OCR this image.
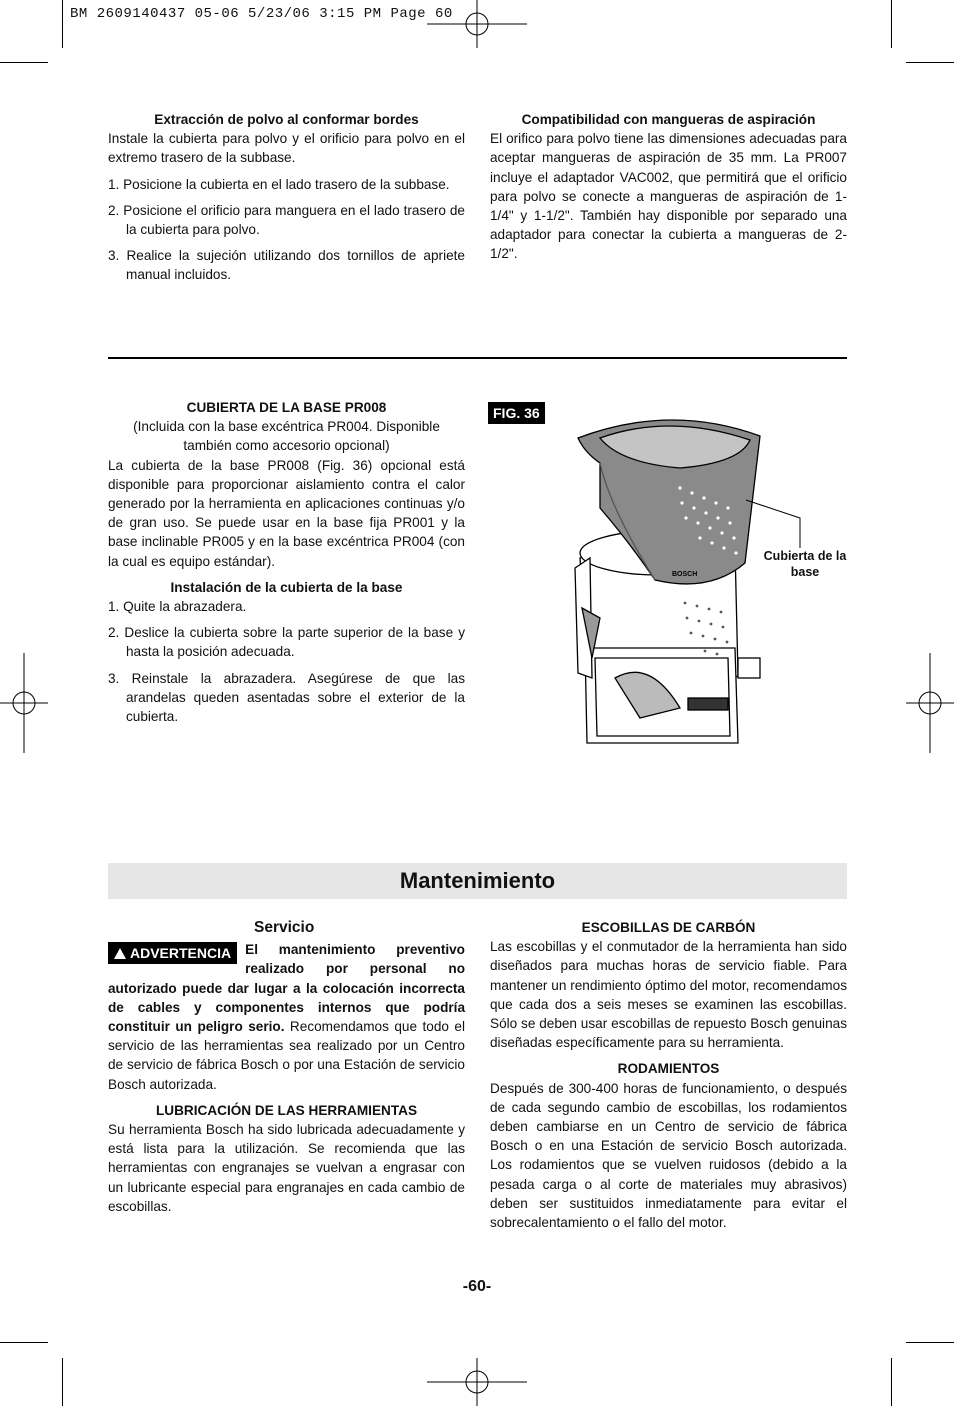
BM 2609140437 05-06 5/23/06 3:15 PM Page 60

Extracción de polvo al conformar bordes

Instale la cubierta para polvo y el orificio para polvo en el extremo trasero de la subbase.

1. Posicione la cubierta en el lado trasero de la subbase.

2. Posicione el orificio para manguera en el lado trasero de la cubierta para polvo.

3. Realice la sujeción utilizando dos tornillos de apriete manual incluidos.

Compatibilidad con mangueras de aspiración

El orifico para polvo tiene las dimensiones adecuadas para aceptar mangueras de aspiración de 35 mm. La PR007 incluye el adaptador VAC002, que permitirá que el orificio para polvo se conecte a mangueras de aspiración de 1-1/4" y 1-1/2". También hay disponible por separado una adaptador para conectar la cubierta a mangueras de 2-1/2".

CUBIERTA DE LA BASE PR008

(Incluida con la base excéntrica PR004. Disponible también como accesorio opcional)

La cubierta de la base PR008 (Fig. 36) opcional está disponible para proporcionar aislamiento contra el calor generado por la herramienta en aplicaciones continuas y/o de gran uso. Se puede usar en la base fija PR001 y la base inclinable PR005 y en la base excéntrica PR004 (con la cual es equipo estándar).

Instalación de la cubierta de la base

1. Quite la abrazadera.

2. Deslice la cubierta sobre la parte superior de la base y hasta la posición adecuada.

3. Reinstale la abrazadera. Asegúrese de que las arandelas queden asentadas sobre el exterior de la cubierta.

FIG. 36
BOSCH
Cubierta de la base
Mantenimiento

Servicio

ADVERTENCIA	El mantenimiento preventivo realizado por personal no autorizado puede dar lugar a la colocación incorrecta de cables y componentes internos que podría constituir un peligro serio. Recomendamos que todo el servicio de las herramientas sea realizado por un Centro de servicio de fábrica Bosch o por una Estación de servicio Bosch autorizada.

LUBRICACIÓN DE LAS HERRAMIENTAS

Su herramienta Bosch ha sido lubricada adecuadamente y está lista para la utilización. Se recomienda que las herramientas con engranajes se vuelvan a engrasar con un lubricante especial para engranajes en cada cambio de escobillas.

ESCOBILLAS DE CARBÓN

Las escobillas y el conmutador de la herramienta han sido diseñados para muchas horas de servicio fiable. Para mantener un rendimiento óptimo del motor, recomendamos que cada dos a seis meses se examinen las escobillas. Sólo se deben usar escobillas de repuesto Bosch genuinas diseñadas específicamente para su herramienta.

RODAMIENTOS

Después de 300-400 horas de funcionamiento, o después de cada segundo cambio de escobillas, los rodamientos deben cambiarse en un Centro de servicio de fábrica Bosch o en una Estación de servicio Bosch autorizada. Los rodamientos que se vuelven ruidosos (debido a la pesada carga o al corte de materiales muy abrasivos) deben ser sustituidos inmediatamente para evitar el sobrecalentamiento o el fallo del motor.

-60-
